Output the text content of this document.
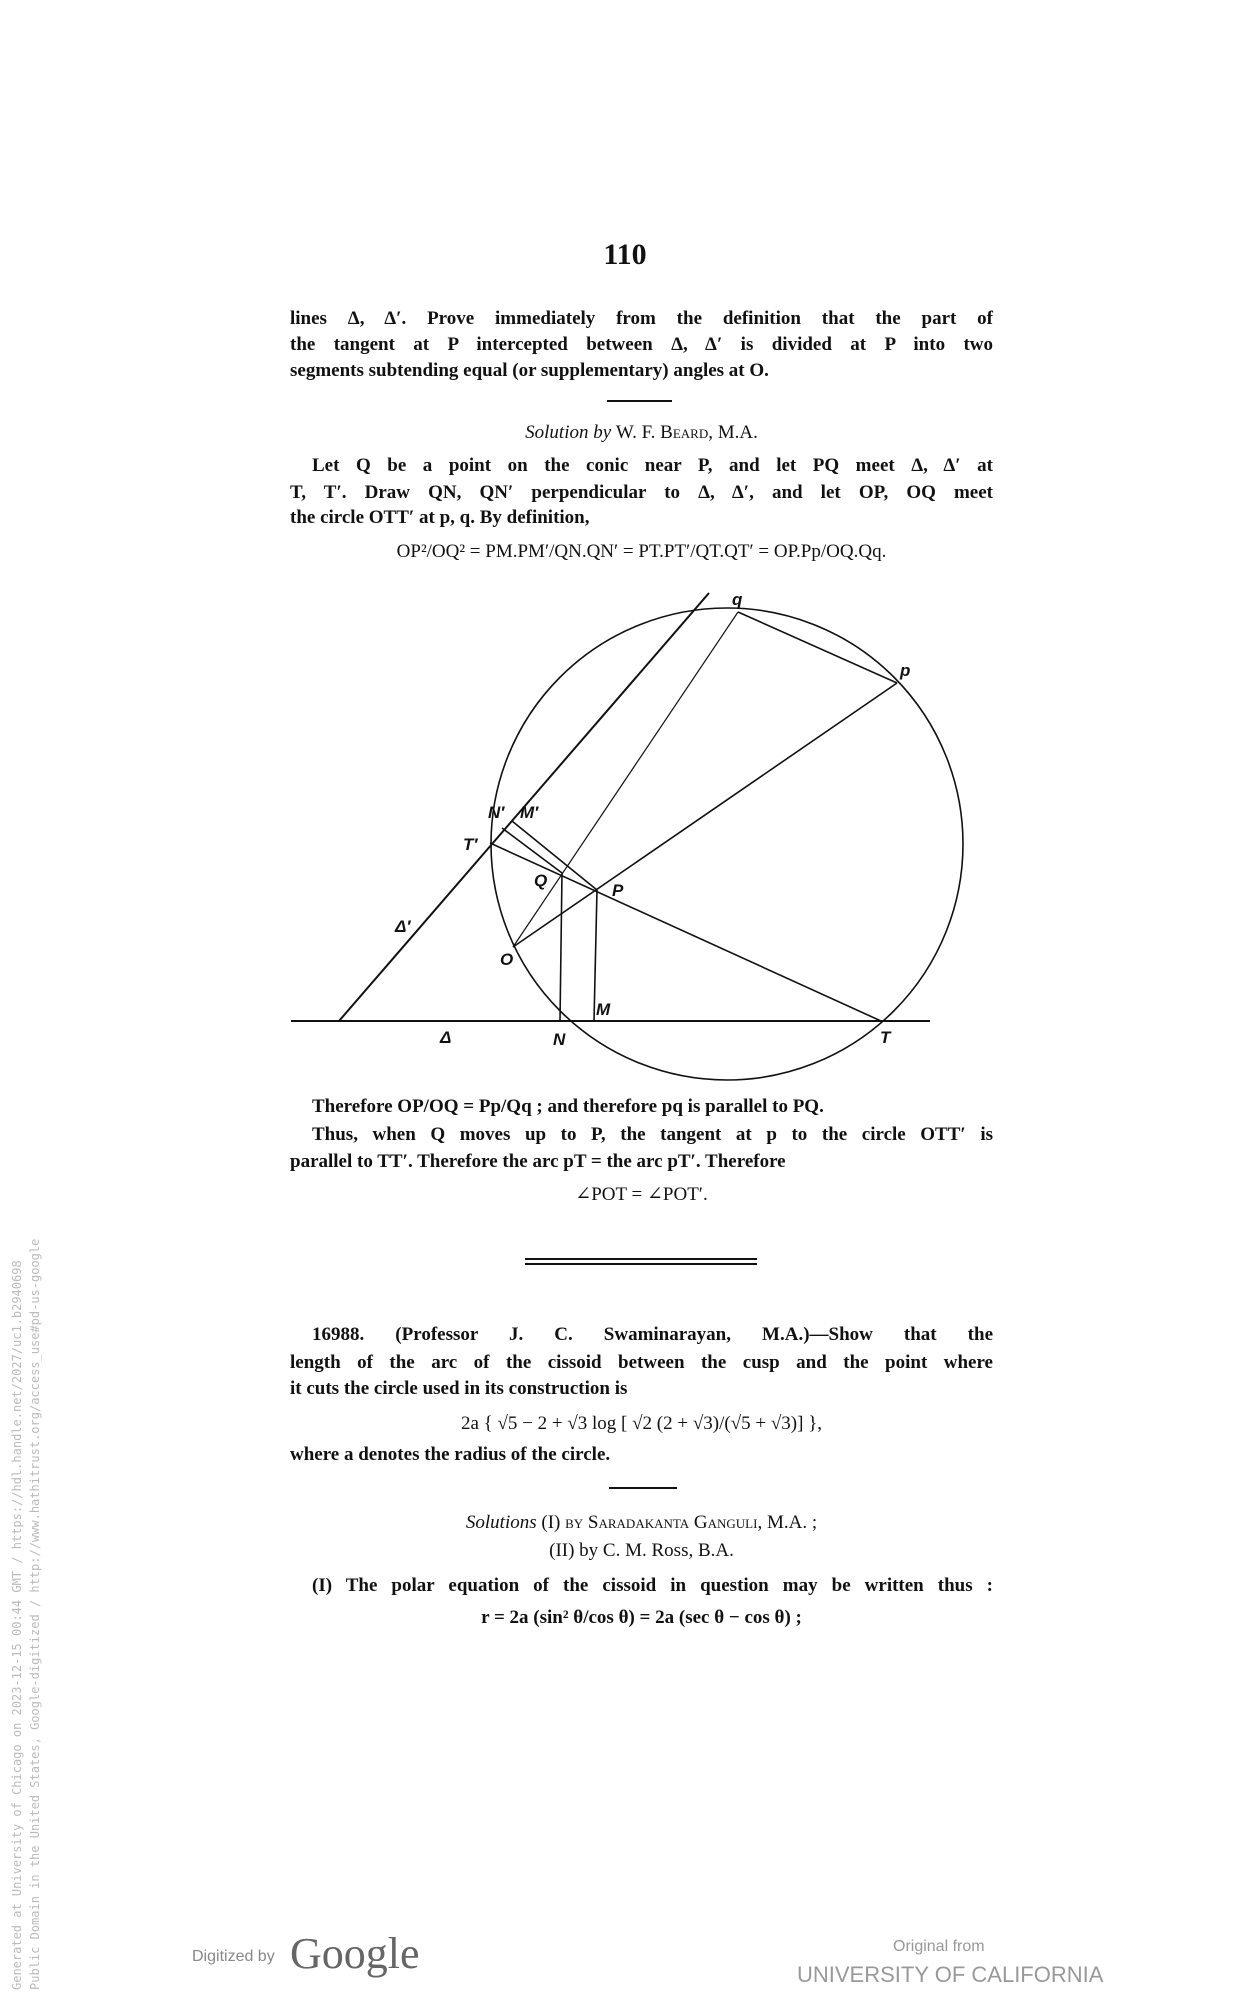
110
lines Δ, Δ′. Prove immediately from the definition that the part of
the tangent at P intercepted between Δ, Δ′ is divided at P into two
segments subtending equal (or supplementary) angles at O.
Solution by W. F. Beard, M.A.
Let Q be a point on the conic near P, and let PQ meet Δ, Δ′ at
T, T′. Draw QN, QN′ perpendicular to Δ, Δ′, and let OP, OQ meet
the circle OTT′ at p, q. By definition,
OP²/OQ² = PM.PM′/QN.QN′ = PT.PT′/QT.QT′ = OP.Pp/OQ.Qq.
q
p
N′ M′
T′
Q
P
Δ′
O
M
Δ	N	T
Therefore OP/OQ = Pp/Qq ; and therefore pq is parallel to PQ.
Thus, when Q moves up to P, the tangent at p to the circle OTT′ is
parallel to TT′. Therefore the arc pT = the arc pT′. Therefore
∠POT = ∠POT′.
16988. (Professor J. C. Swaminarayan, M.A.)—Show that the
length of the arc of the cissoid between the cusp and the point where
it cuts the circle used in its construction is
2a { √5 − 2 + √3 log [ √2 (2 + √3)/(√5 + √3)] },
where a denotes the radius of the circle.
Solutions (I) by Saradakanta Ganguli, M.A. ;
(II) by C. M. Ross, B.A.
(I) The polar equation of the cissoid in question may be written thus :
r = 2a (sin² θ/cos θ) = 2a (sec θ − cos θ) ;
Generated at University of Chicago on 2023-12-15 00:44 GMT / https://hdl.handle.net/2027/uc1.b2940698 Public Domain in the United States, Google-digitized / http://www.hathitrust.org/access_use#pd-us-google	Digitized by Google	Original from
UNIVERSITY OF CALIFORNIA
